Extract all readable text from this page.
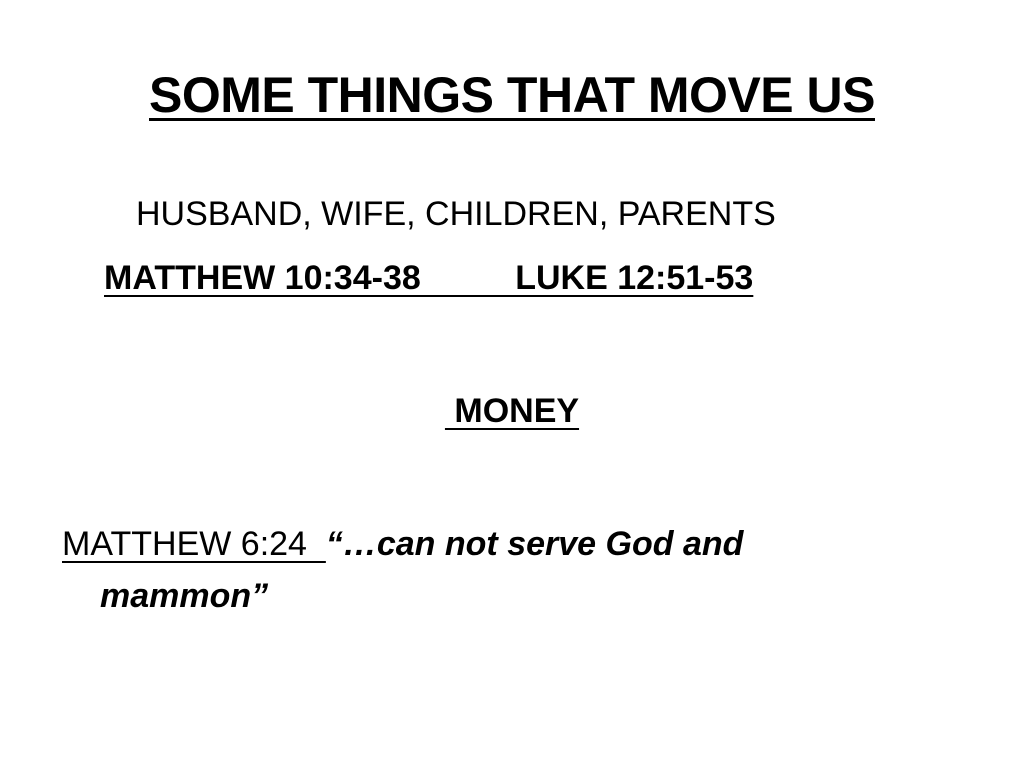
SOME THINGS THAT MOVE US
HUSBAND, WIFE, CHILDREN, PARENTS
MATTHEW 10:34-38          LUKE 12:51-53
MONEY
MATTHEW 6:24  “…can not serve God and
mammon”
